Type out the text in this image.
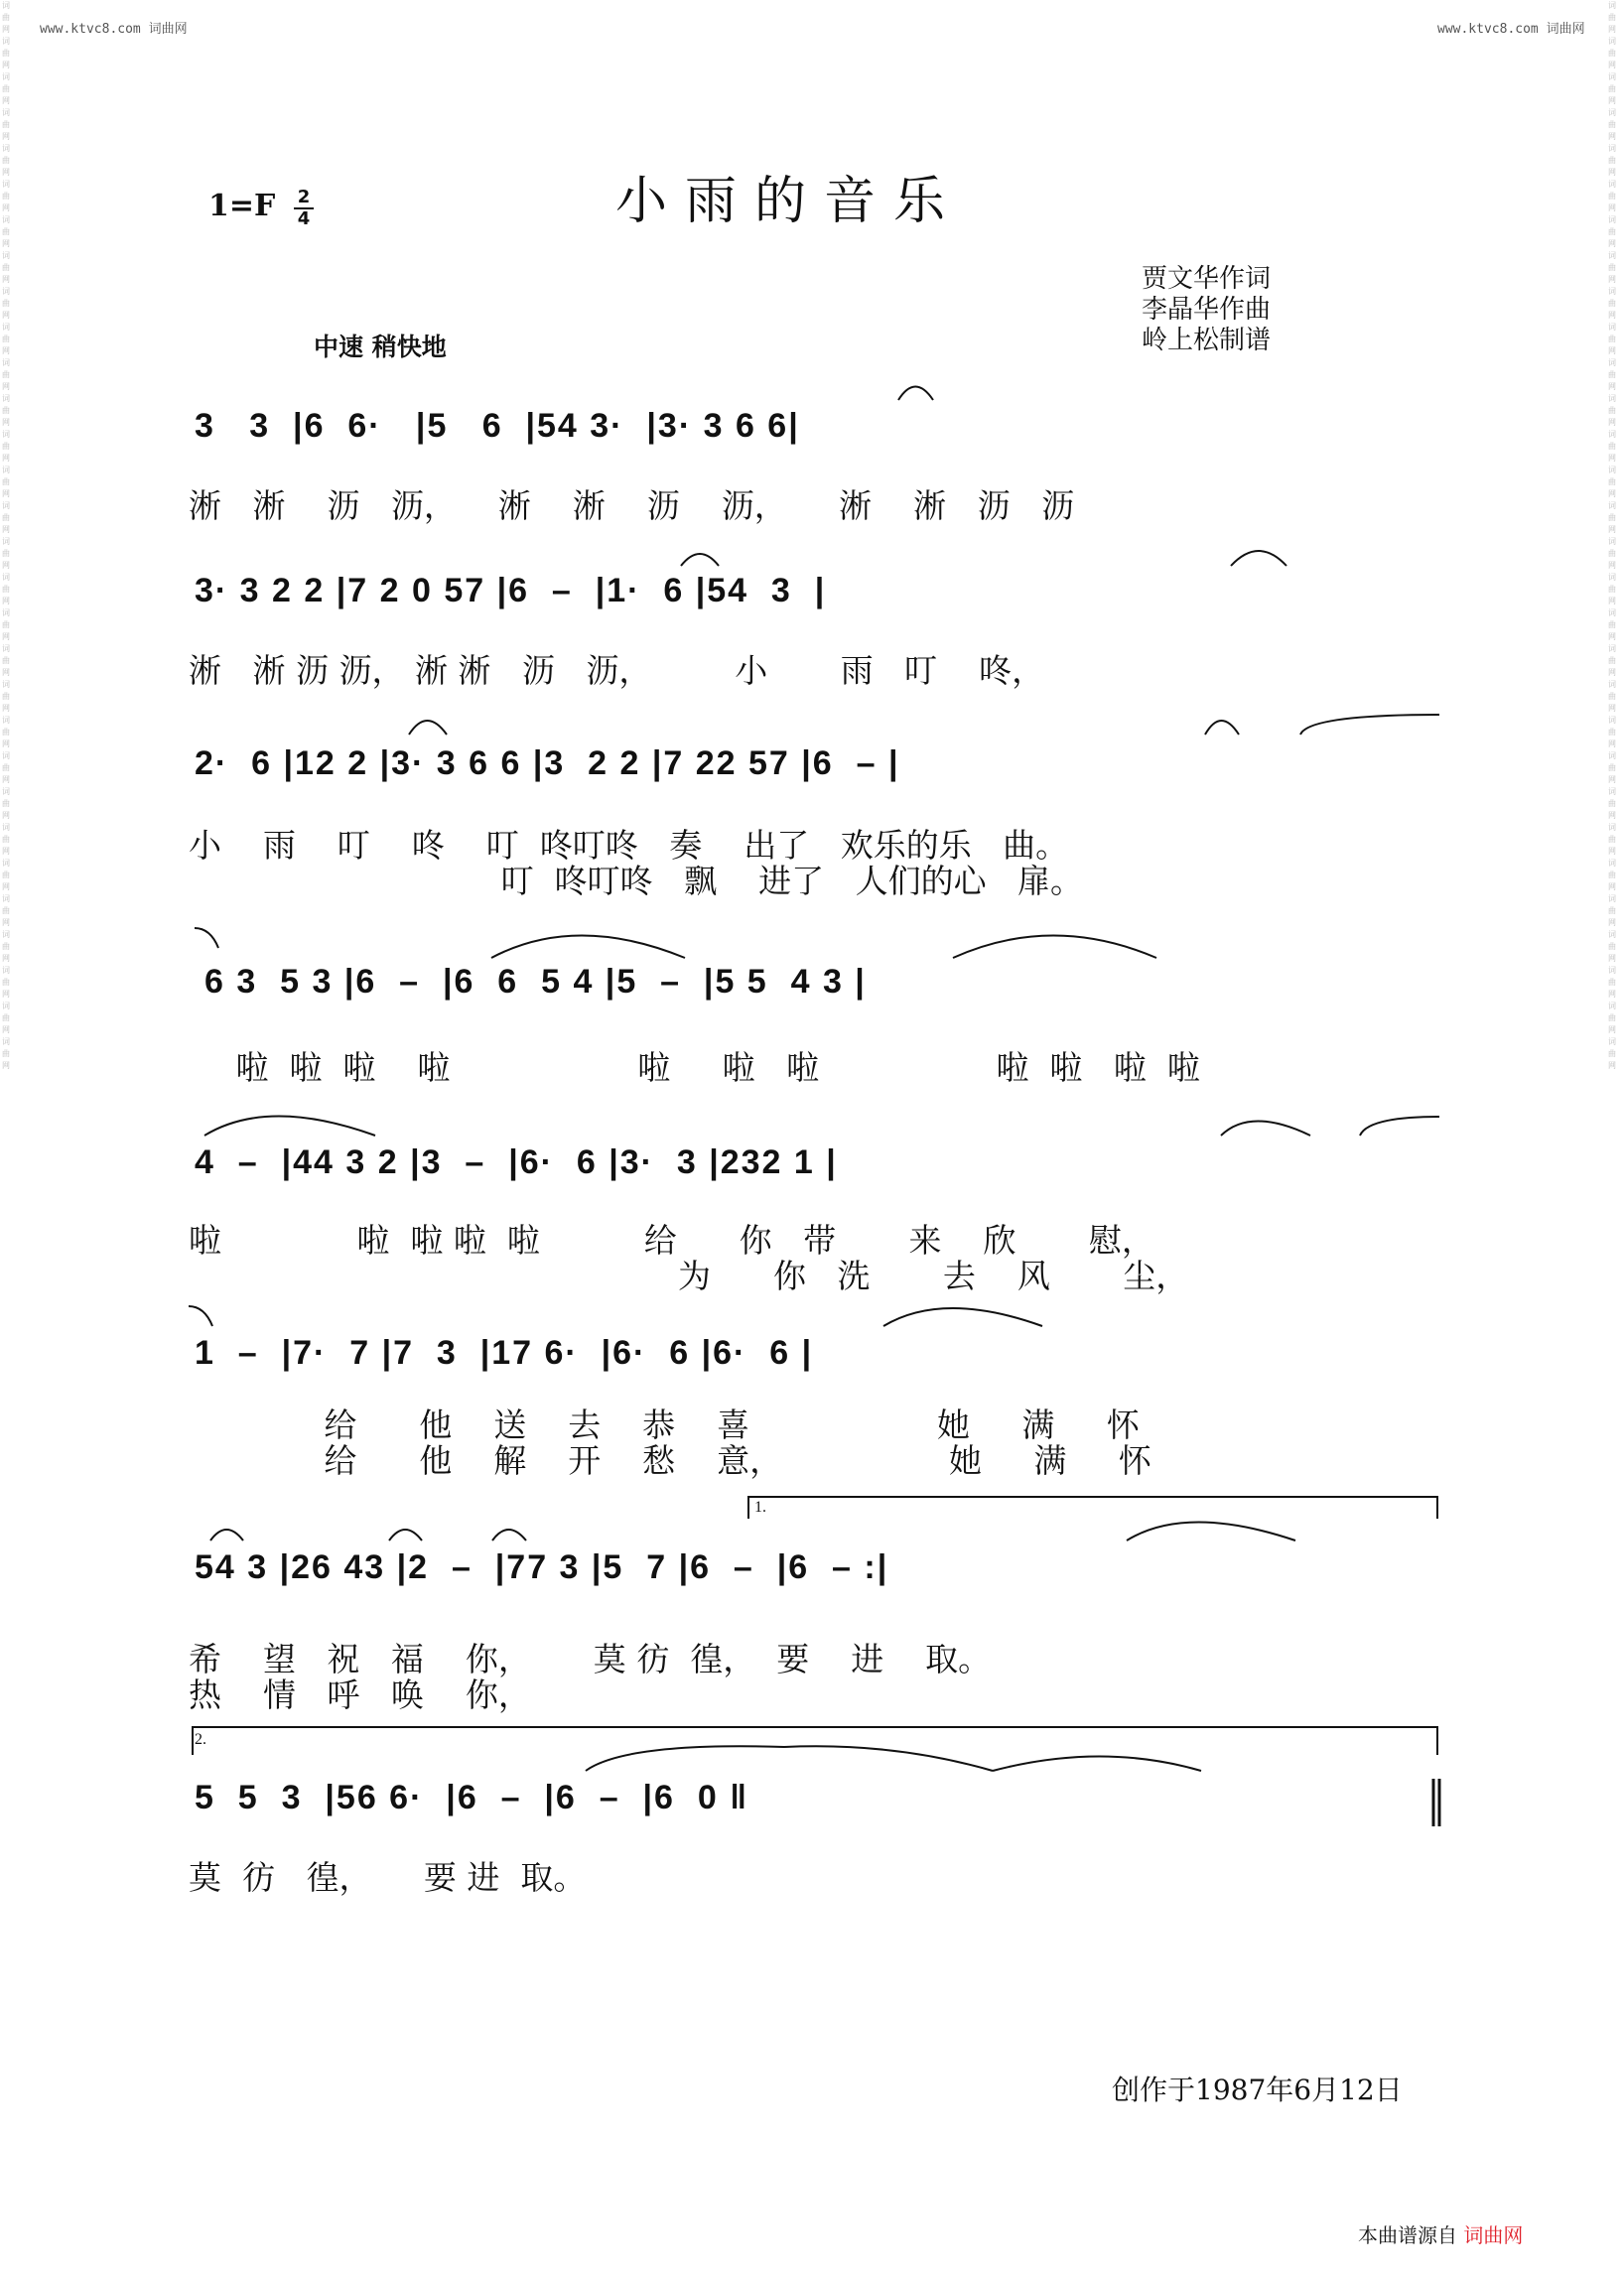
www.ktvc8.com 词曲网	www.ktvc8.com 词曲网
词曲网词曲网词曲网词曲网词曲网词曲网词曲网词曲网词曲网词曲网词曲网词曲网词曲网词曲网词曲网词曲网词曲网词曲网词曲网词曲网词曲网词曲网词曲网词曲网词曲网词曲网词曲网词曲网词曲网词曲网
词曲网词曲网词曲网词曲网词曲网词曲网词曲网词曲网词曲网词曲网词曲网词曲网词曲网词曲网词曲网词曲网词曲网词曲网词曲网词曲网词曲网词曲网词曲网词曲网词曲网词曲网词曲网词曲网词曲网词曲网
1=F 2
4	小雨的音乐
贾文华作词
李晶华作曲
岭上松制谱
中速 稍快地
3   3  |6  6·   |5   6  |54 3·  |3· 3 6 6|
淅   淅    沥   沥，    淅    淅    沥    沥，     淅    淅   沥   沥
3· 3 2 2 |7 2 0 57 |6  –  |1·  6 |54  3  |
淅   淅 沥 沥， 淅 淅   沥   沥，        小       雨   叮    咚，
2·  6 |12 2 |3· 3 6 6 |3  2 2 |7 22 57 |6  – |
小    雨    叮    咚    叮  咚叮咚   奏    出了   欢乐的乐   曲。
叮  咚叮咚   飘    进了   人们的心   扉。
6 3  5 3 |6  –  |6  6  5 4 |5  –  |5 5  4 3 |
啦  啦  啦    啦                  啦     啦   啦                 啦  啦   啦  啦
4  –  |44 3 2 |3  –  |6·  6 |3·  3 |232 1 |
啦             啦  啦 啦  啦          给      你   带       来    欣       慰，
为      你   洗       去    风       尘，
1  –  |7·  7 |7  3  |17 6·  |6·  6 |6·  6 |
给      他    送    去    恭    喜                  她     满     怀
给      他    解    开    愁    意，                她     满     怀
1.
54 3 |26 43 |2  –  |77 3 |5  7 |6  –  |6  – :|
希    望   祝   福    你，      莫 彷  徨，  要    进    取。
热    情   呼   唤    你，
2.
5  5  3  |56 6·  |6  –  |6  –  |6  0 ‖
莫  彷   徨，     要 进  取。
创作于1987年6月12日
本曲谱源自 词曲网
